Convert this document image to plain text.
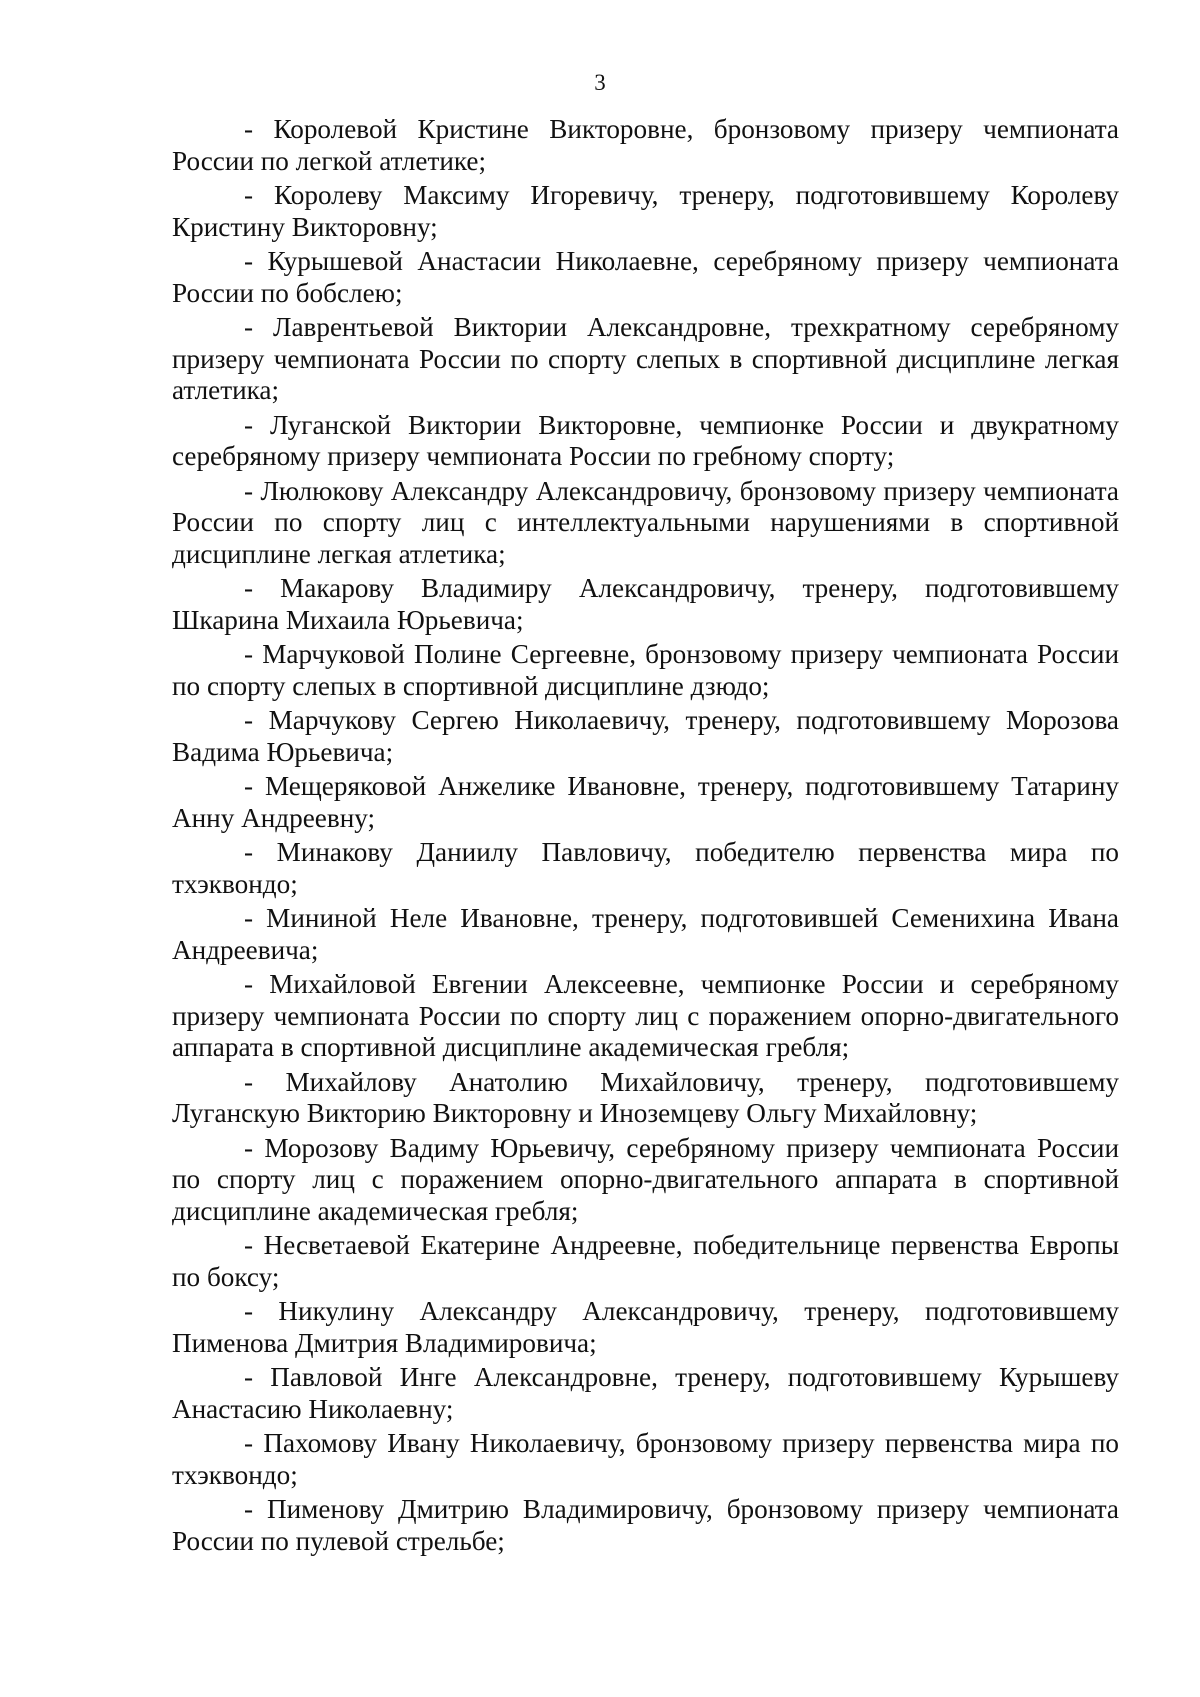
3

- Королевой Кристине Викторовне, бронзовому призеру чемпионата России по легкой атлетике;

- Королеву Максиму Игоревичу, тренеру, подготовившему Королеву Кристину Викторовну;

- Курышевой Анастасии Николаевне, серебряному призеру чемпионата России по бобслею;

- Лаврентьевой Виктории Александровне, трехкратному серебряному призеру чемпионата России по спорту слепых в спортивной дисциплине легкая атлетика;

- Луганской Виктории Викторовне, чемпионке России и двукратному серебряному призеру чемпионата России по гребному спорту;

- Люлюкову Александру Александровичу, бронзовому призеру чемпионата России по спорту лиц с интеллектуальными нарушениями в спортивной дисциплине легкая атлетика;

- Макарову Владимиру Александровичу, тренеру, подготовившему Шкарина Михаила Юрьевича;

- Марчуковой Полине Сергеевне, бронзовому призеру чемпионата России по спорту слепых в спортивной дисциплине дзюдо;

- Марчукову Сергею Николаевичу, тренеру, подготовившему Морозова Вадима Юрьевича;

- Мещеряковой Анжелике Ивановне, тренеру, подготовившему Татарину Анну Андреевну;

- Минакову Даниилу Павловичу, победителю первенства мира по тхэквондо;

- Мининой Неле Ивановне, тренеру, подготовившей Семенихина Ивана Андреевича;

- Михайловой Евгении Алексеевне, чемпионке России и серебряному призеру чемпионата России по спорту лиц с поражением опорно-двигательного аппарата в спортивной дисциплине академическая гребля;

- Михайлову Анатолию Михайловичу, тренеру, подготовившему Луганскую Викторию Викторовну и Иноземцеву Ольгу Михайловну;

- Морозову Вадиму Юрьевичу, серебряному призеру чемпионата России по спорту лиц с поражением опорно-двигательного аппарата в спортивной дисциплине академическая гребля;

- Несветаевой Екатерине Андреевне, победительнице первенства Европы по боксу;

- Никулину Александру Александровичу, тренеру, подготовившему Пименова Дмитрия Владимировича;

- Павловой Инге Александровне, тренеру, подготовившему Курышеву Анастасию Николаевну;

- Пахомову Ивану Николаевичу, бронзовому призеру первенства мира по тхэквондо;

- Пименову Дмитрию Владимировичу, бронзовому призеру чемпионата России по пулевой стрельбе;
